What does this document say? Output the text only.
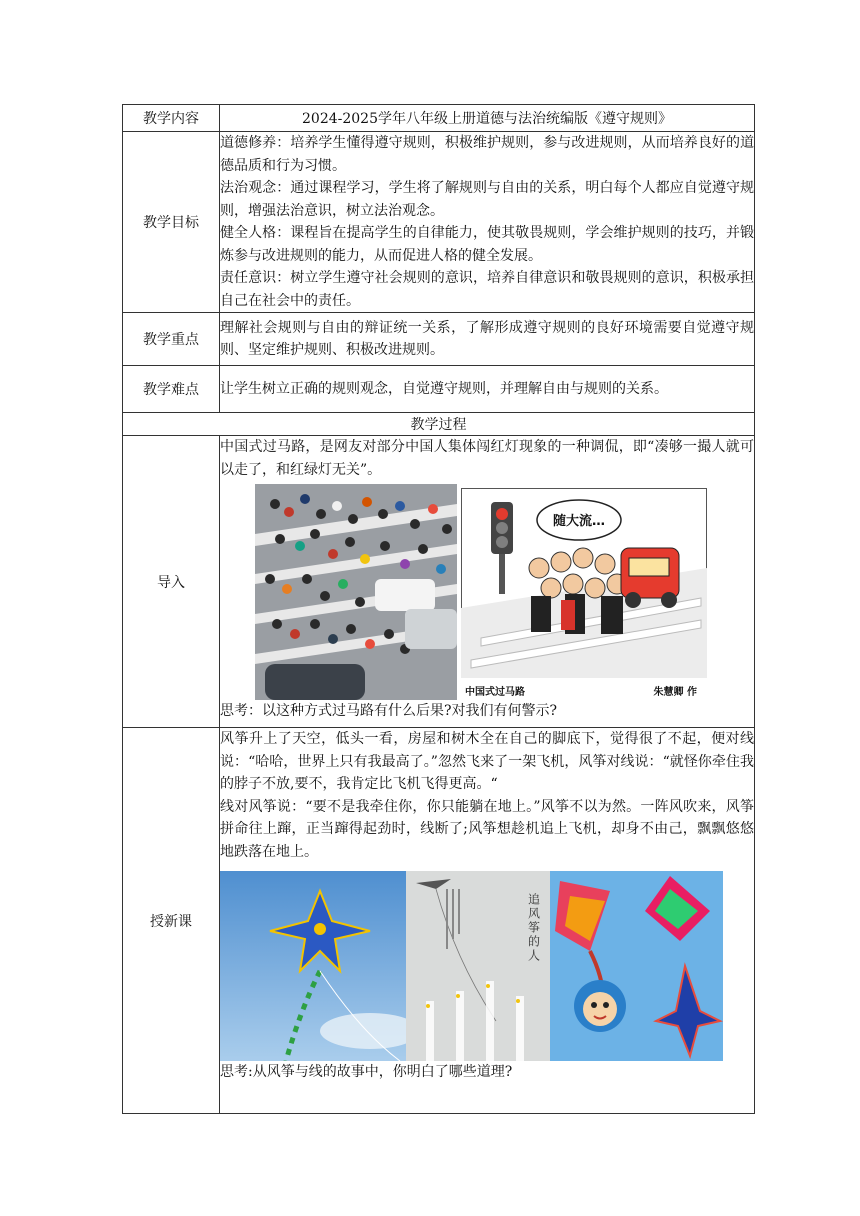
教学内容	2024-2025学年八年级上册道德与法治统编版《遵守规则》
教学目标	道德修养：培养学生懂得遵守规则，积极维护规则，参与改进规则，从而培养良好的道德品质和行为习惯。

法治观念：通过课程学习，学生将了解规则与自由的关系，明白每个人都应自觉遵守规则，增强法治意识，树立法治观念。

健全人格：课程旨在提高学生的自律能力，使其敬畏规则，学会维护规则的技巧，并锻炼参与改进规则的能力，从而促进人格的健全发展。

责任意识：树立学生遵守社会规则的意识，培养自律意识和敬畏规则的意识，积极承担自己在社会中的责任。

教学重点	理解社会规则与自由的辩证统一关系，了解形成遵守规则的良好环境需要自觉遵守规则、坚定维护规则、积极改进规则。
教学难点	让学生树立正确的规则观念，自觉遵守规则，并理解自由与规则的关系。
教学过程	
导入	中国式过马路，是网友对部分中国人集体闯红灯现象的一种调侃，即“凑够一撮人就可以走了，和红绿灯无关”。

随大流…
中国式过马路 朱慧卿 作

思考：以这种方式过马路有什么后果?对我们有何警示?

授新课	风筝升上了天空，低头一看，房屋和树木全在自己的脚底下，觉得很了不起，便对线说：“哈哈，世界上只有我最高了。”忽然飞来了一架飞机，风筝对线说：“就怪你牵住我的脖子不放,要不，我肯定比飞机飞得更高。“

线对风筝说：“要不是我牵住你，你只能躺在地上。”风筝不以为然。一阵风吹来，风筝拼命往上蹿，正当蹿得起劲时，线断了;风筝想趁机追上飞机，却身不由己，飘飘悠悠地跌落在地上。

追风筝的人

思考:从风筝与线的故事中，你明白了哪些道理?
